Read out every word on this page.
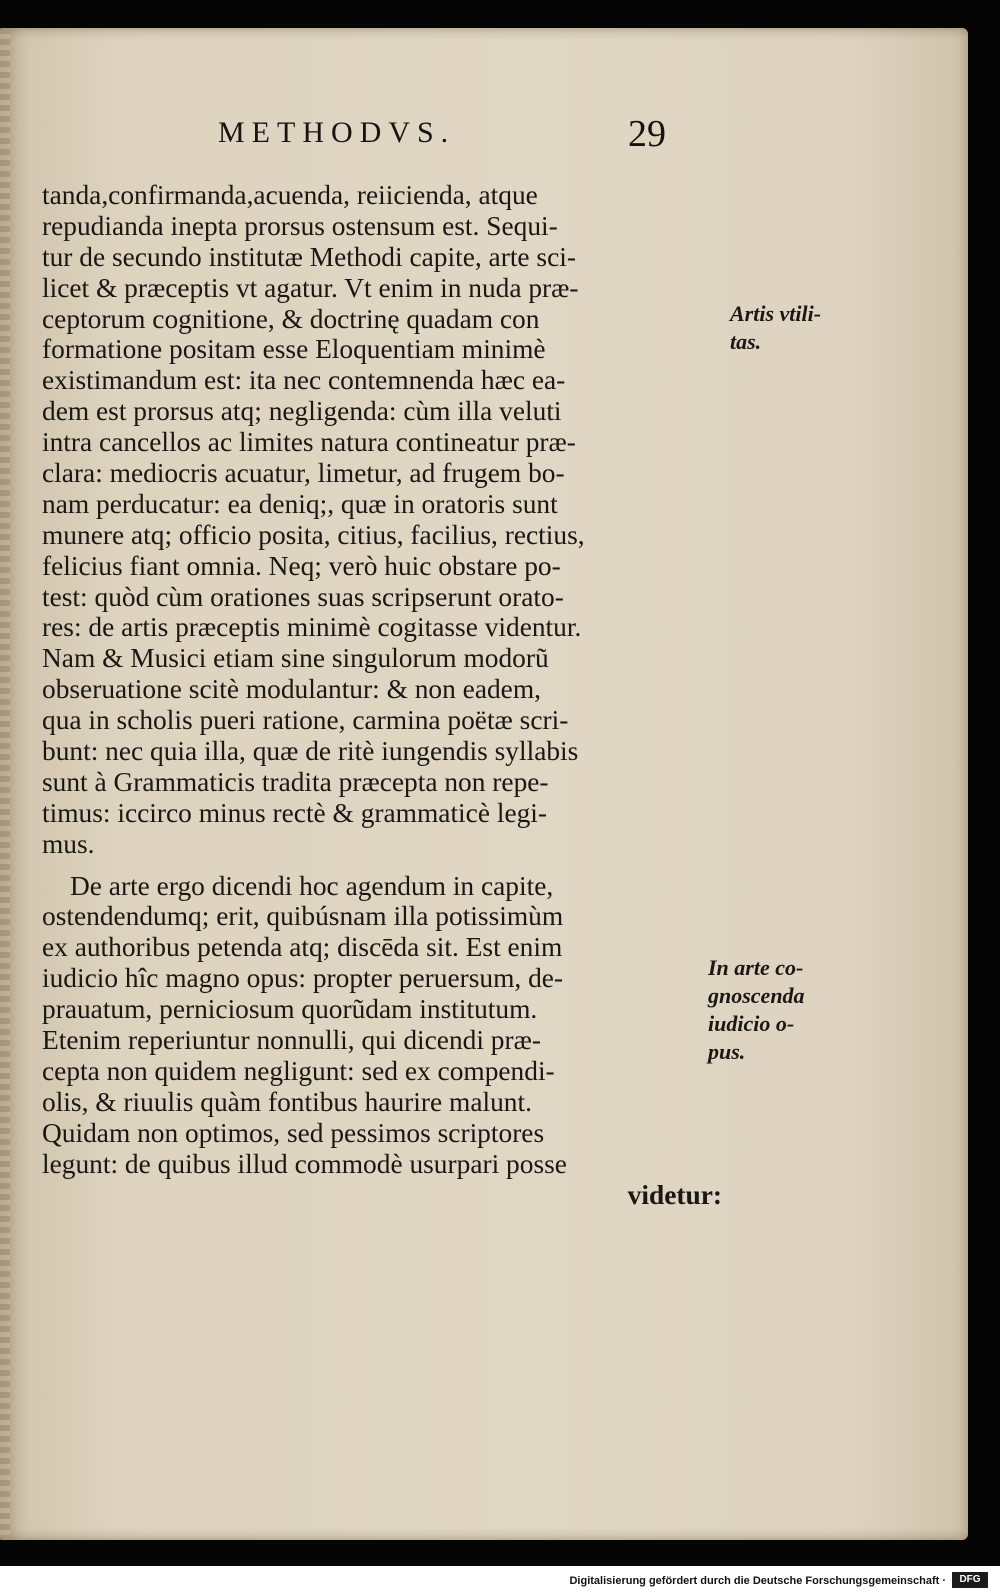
METHODVS.	29
tanda,confirmanda,acuenda, reiicienda, atque
repudianda inepta prorsus ostensum est. Sequi-
tur de secundo institutæ Methodi capite, arte sci-
licet & præceptis vt agatur. Vt enim in nuda præ-
ceptorum cognitione, & doctrinę quadam con
formatione positam esse Eloquentiam minimè
existimandum est: ita nec contemnenda hæc ea-
dem est prorsus atq; negligenda: cùm illa veluti
intra cancellos ac limites natura contineatur præ-
clara: mediocris acuatur, limetur, ad frugem bo-
nam perducatur: ea deniq;, quæ in oratoris sunt
munere atq; officio posita, citius, facilius, rectius,
felicius fiant omnia. Neq; verò huic obstare po-
test: quòd cùm orationes suas scripserunt orato-
res: de artis præceptis minimè cogitasse videntur.
Nam & Musici etiam sine singulorum modorũ
obseruatione scitè modulantur: & non eadem,
qua in scholis pueri ratione, carmina poëtæ scri-
bunt: nec quia illa, quæ de ritè iungendis syllabis
sunt à Grammaticis tradita præcepta non repe-
timus: iccirco minus rectè & grammaticè legi-
mus.
De arte ergo dicendi hoc agendum in capite,
ostendendumq; erit, quibúsnam illa potissimùm
ex authoribus petenda atq; discēda sit. Est enim
iudicio hîc magno opus: propter peruersum, de-
prauatum, perniciosum quorũdam institutum.
Etenim reperiuntur nonnulli, qui dicendi præ-
cepta non quidem negligunt: sed ex compendi-
olis, & riuulis quàm fontibus haurire malunt.
Quidam non optimos, sed pessimos scriptores
legunt: de quibus illud commodè usurpari posse
videtur:
Artis vtili-
tas.
In arte co-
gnoscenda
iudicio o-
pus.
Digitalisierung gefördert durch die Deutsche Forschungsgemeinschaft ·	DFG
